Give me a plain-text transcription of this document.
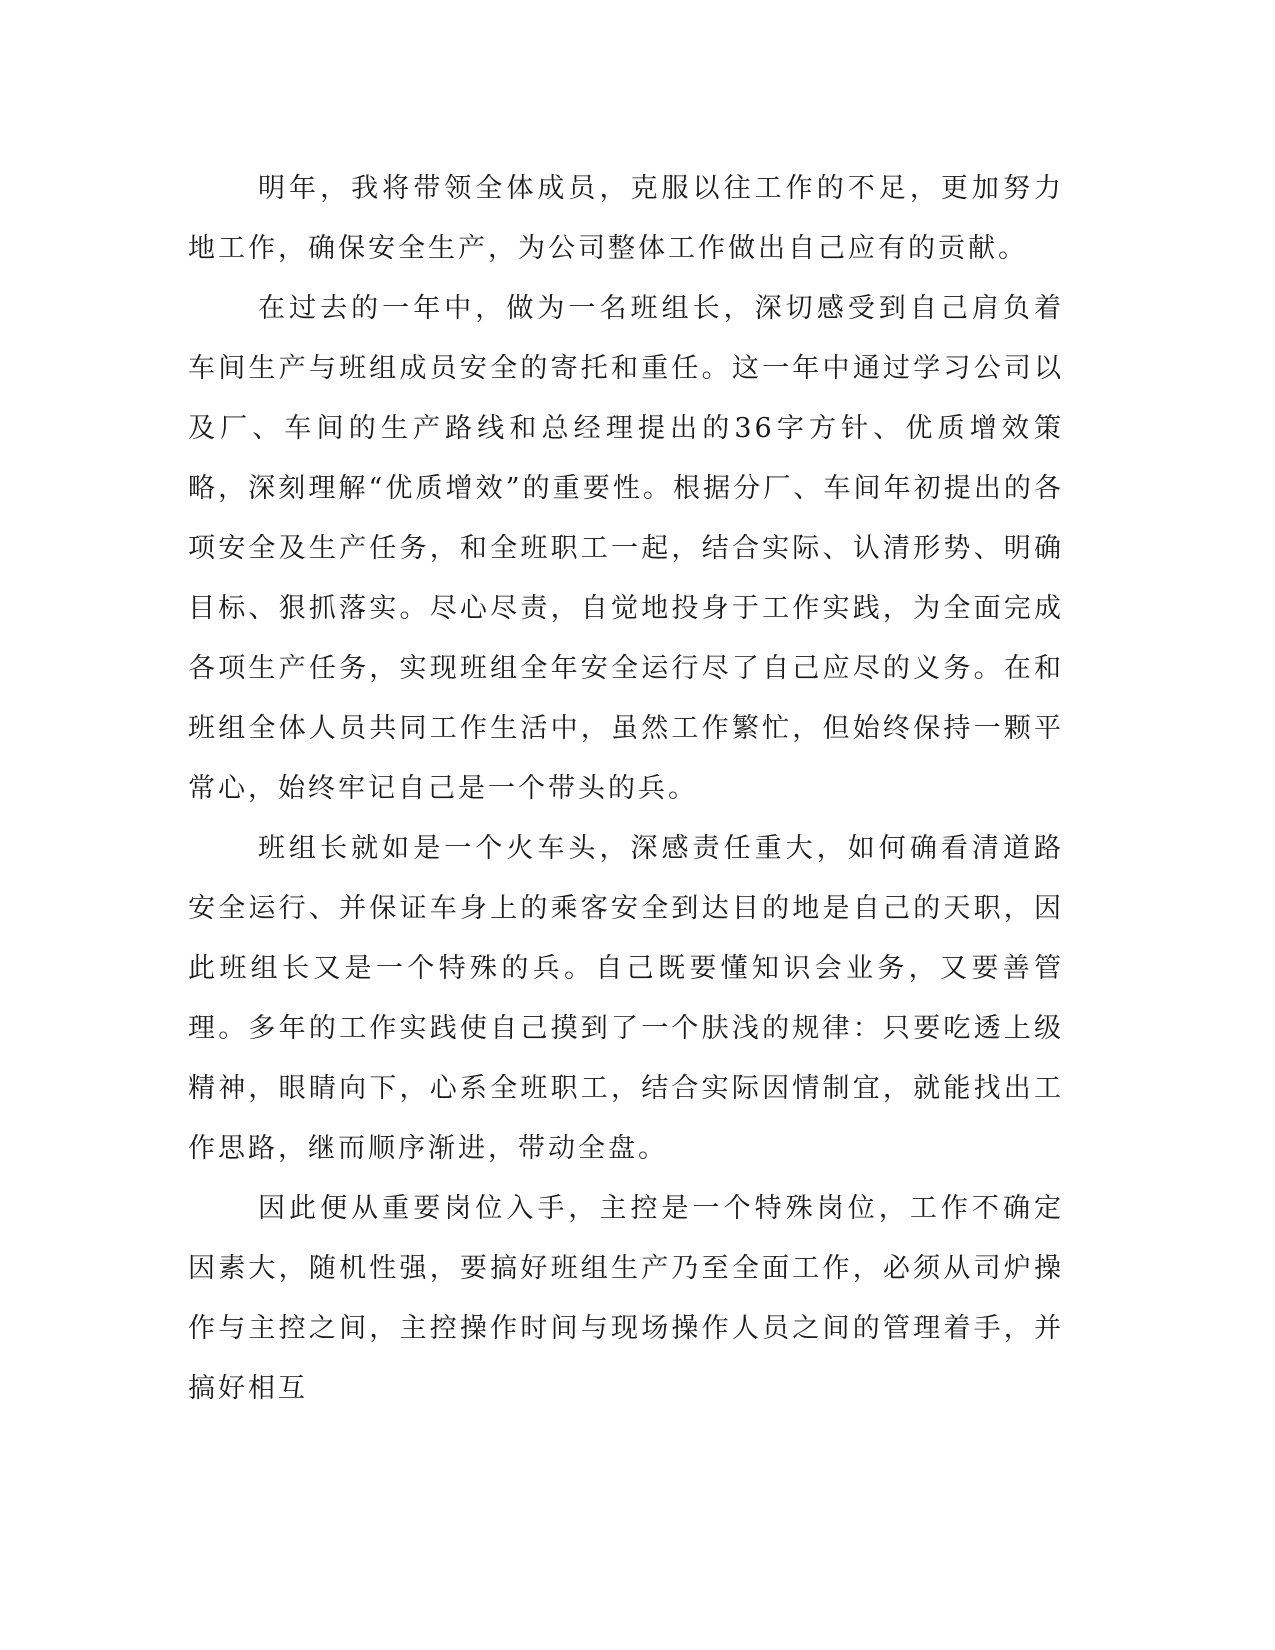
明年，我将带领全体成员，克服以往工作的不足，更加努力地工作，确保安全生产，为公司整体工作做出自己应有的贡献。

在过去的一年中，做为一名班组长，深切感受到自己肩负着车间生产与班组成员安全的寄托和重任。这一年中通过学习公司以及厂、车间的生产路线和总经理提出的36字方针、优质增效策略，深刻理解“优质增效”的重要性。根据分厂、车间年初提出的各项安全及生产任务，和全班职工一起，结合实际、认清形势、明确目标、狠抓落实。尽心尽责，自觉地投身于工作实践，为全面完成各项生产任务，实现班组全年安全运行尽了自己应尽的义务。在和班组全体人员共同工作生活中，虽然工作繁忙，但始终保持一颗平常心，始终牢记自己是一个带头的兵。

班组长就如是一个火车头，深感责任重大，如何确看清道路安全运行、并保证车身上的乘客安全到达目的地是自己的天职，因此班组长又是一个特殊的兵。自己既要懂知识会业务，又要善管理。多年的工作实践使自己摸到了一个肤浅的规律：只要吃透上级精神，眼睛向下，心系全班职工，结合实际因情制宜，就能找出工作思路，继而顺序渐进，带动全盘。

因此便从重要岗位入手，主控是一个特殊岗位，工作不确定因素大，随机性强，要搞好班组生产乃至全面工作，必须从司炉操作与主控之间，主控操作时间与现场操作人员之间的管理着手，并搞好相互
